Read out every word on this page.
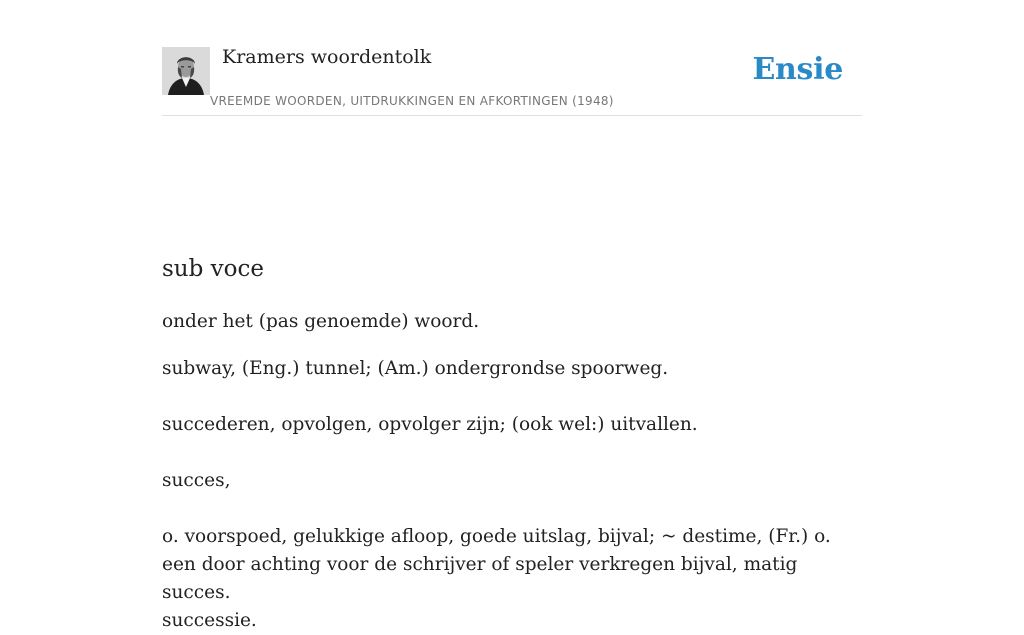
Kramers woordentolk
VREEMDE WOORDEN, UITDRUKKINGEN EN AFKORTINGEN (1948)
Ensie
sub voce

onder het (pas genoemde) woord.

subway, (Eng.) tunnel; (Am.) ondergrondse spoorweg.

succederen, opvolgen, opvolger zijn; (ook wel:) uitvallen.

succes,

o. voorspoed, gelukkige afloop, goede uitslag, bijval; ~ destime, (Fr.) o. een door achting voor de schrijver of speler verkregen bijval, matig succes.

successie.
